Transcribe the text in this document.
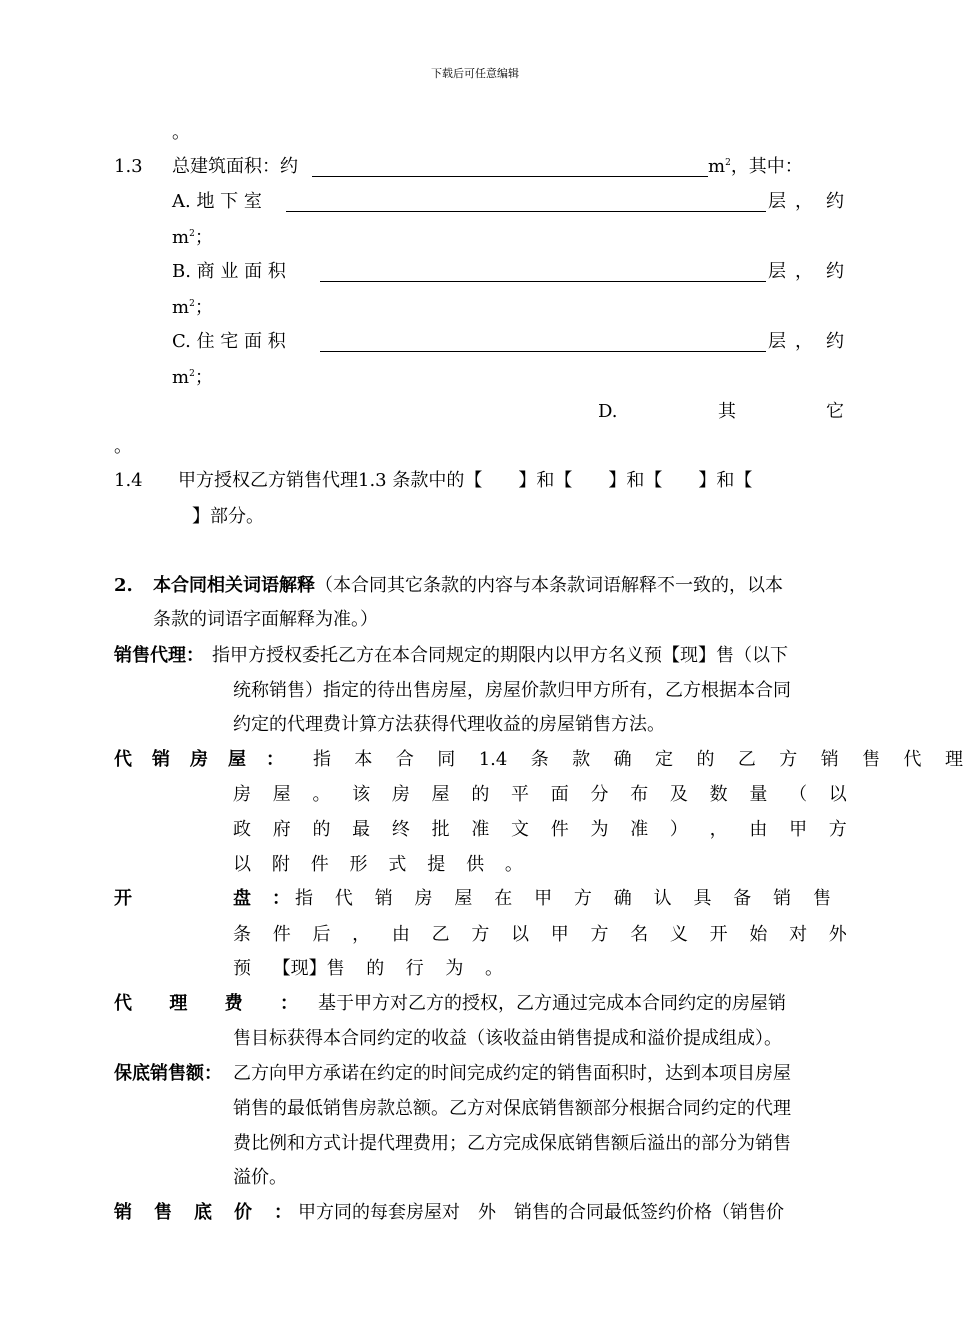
下载后可任意编辑
。
1.3 总建筑面积：约	$m^2$，其中：
A. 地 下 室	层 ， 约
$m^2$；
B. 商 业 面 积	层 ， 约
$m^2$；
C. 住 宅 面 积	层 ， 约
$m^2$；
D.	其	它
。
1.4 甲方授权乙方销售代理1.3 条款中的【　　】和【　　】和【　　】和【
】部分。
2. 本合同相关词语解释（本合同其它条款的内容与本条款词语解释不一致的，以本
条款的词语字面解释为准。）
销售代理： 指甲方授权委托乙方在本合同规定的期限内以甲方名义预【现】售（以下
统称销售）指定的待出售房屋，房屋价款归甲方所有，乙方根据本合同
约定的代理费计算方法获得代理收益的房屋销售方法。
代 销 房 屋 ： 指 本 合 同 1.4 条 款 确 定 的 乙 方 销 售 代 理
房 屋 。 该 房 屋 的 平 面 分 布 及 数 量 （ 以
政 府 的 最 终 批 准 文 件 为 准 ） ， 由 甲 方
以 附 件 形 式 提 供 。
开	盘 ： 指 代 销 房 屋 在 甲 方 确 认 具 备 销 售
条 件 后 ， 由 乙 方 以 甲 方 名 义 开 始 对 外
预 【现】售 的 行 为 。
代 理 费 ： 基于甲方对乙方的授权，乙方通过完成本合同约定的房屋销
售目标获得本合同约定的收益（该收益由销售提成和溢价提成组成）。
保底销售额： 乙方向甲方承诺在约定的时间完成约定的销售面积时，达到本项目房屋
销售的最低销售房款总额。乙方对保底销售额部分根据合同约定的代理
费比例和方式计提代理费用；乙方完成保底销售额后溢出的部分为销售
溢价。
销 售 底 价 ： 甲方同的每套房屋对　外　销售的合同最低签约价格（销售价
